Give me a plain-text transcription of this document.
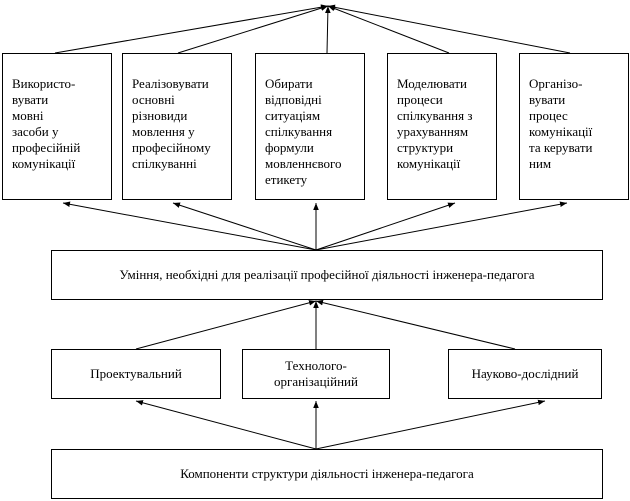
Використо-
вувати
мовні
засоби у
професійній
комунікації

Реалізовувати
основні
різновиди
мовлення у
професійному
спілкуванні

Обирати
відповідні
ситуаціям
спілкування
формули
мовленнєвого
етикету

Моделювати
процеси
спілкування з
урахуванням
структури
комунікації

Організо-
вувати
процес
комунікації
та керувати
ним

Уміння, необхідні для реалізації професійної діяльності інженера-педагога
Проектувальний
Технолого-
організаційний
Науково-дослідний
Компоненти структури діяльності інженера-педагога
